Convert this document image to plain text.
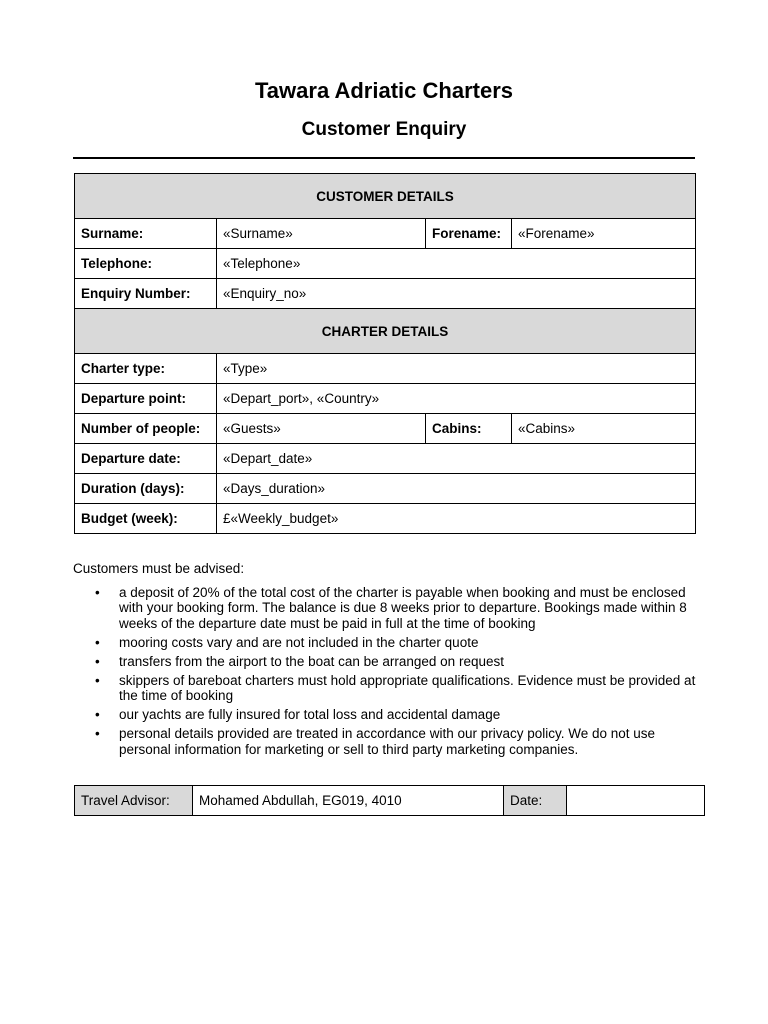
Tawara Adriatic Charters
Customer Enquiry
CUSTOMER DETAILS			
Surname:	«Surname»	Forename:	«Forename»
Telephone:	«Telephone»		
Enquiry Number:	«Enquiry_no»		
CHARTER DETAILS			
Charter type:	«Type»		
Departure point:	«Depart_port», «Country»		
Number of people:	«Guests»	Cabins:	«Cabins»
Departure date:	«Depart_date»		
Duration (days):	«Days_duration»		
Budget (week):	£«Weekly_budget»		

Customers must be advised:

• a deposit of 20% of the total cost of the charter is payable when booking and must be enclosed with your booking form. The balance is due 8 weeks prior to departure. Bookings made within 8 weeks of the departure date must be paid in full at the time of booking
• mooring costs vary and are not included in the charter quote
• transfers from the airport to the boat can be arranged on request
• skippers of bareboat charters must hold appropriate qualifications. Evidence must be provided at the time of booking
• our yachts are fully insured for total loss and accidental damage
• personal details provided are treated in accordance with our privacy policy. We do not use personal information for marketing or sell to third party marketing companies.
Travel Advisor:	Mohamed Abdullah, EG019, 4010	Date:	
